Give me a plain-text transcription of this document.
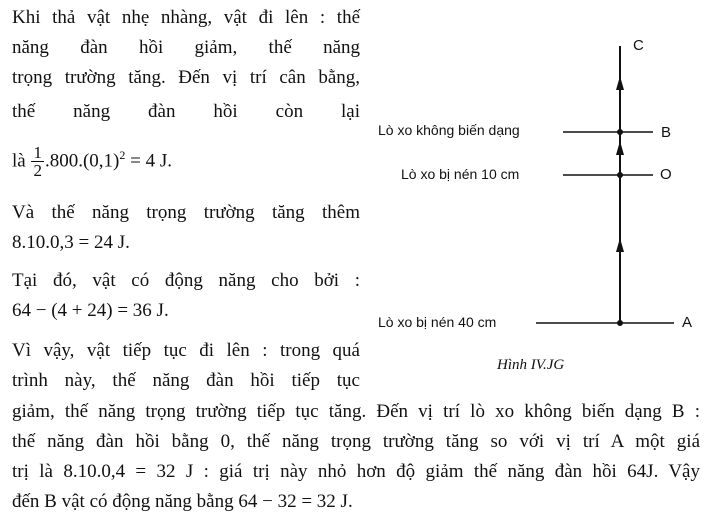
Khi thả vật nhẹ nhàng, vật đi lên : thế
năng đàn hồi giảm, thế năng
trọng trường tăng. Đến vị trí cân bằng,
thế năng đàn hồi còn lại
là $\frac{1}{2} .800.(0,1)^2 = 4$ J.
Và thế năng trọng trường tăng thêm
8.10.0,3 = 24 J.
Tại đó, vật có động năng cho bởi :
64 − (4 + 24) = 36 J.
Vì vậy, vật tiếp tục đi lên : trong quá
trình này, thế năng đàn hồi tiếp tục
giảm, thế năng trọng trường tiếp tục tăng. Đến vị trí lò xo không biến dạng B :
thế năng đàn hồi bằng 0, thế năng trọng trường tăng so với vị trí A một giá
trị là 8.10.0,4 = 32 J : giá trị này nhỏ hơn độ giảm thế năng đàn hồi 64J. Vậy
đến B vật có động năng bằng 64 − 32 = 32 J.
C
B
O
A
Lò xo không biến dạng
Lò xo bị nén 10 cm
Lò xo bị nén 40 cm
Hình IV.JG
